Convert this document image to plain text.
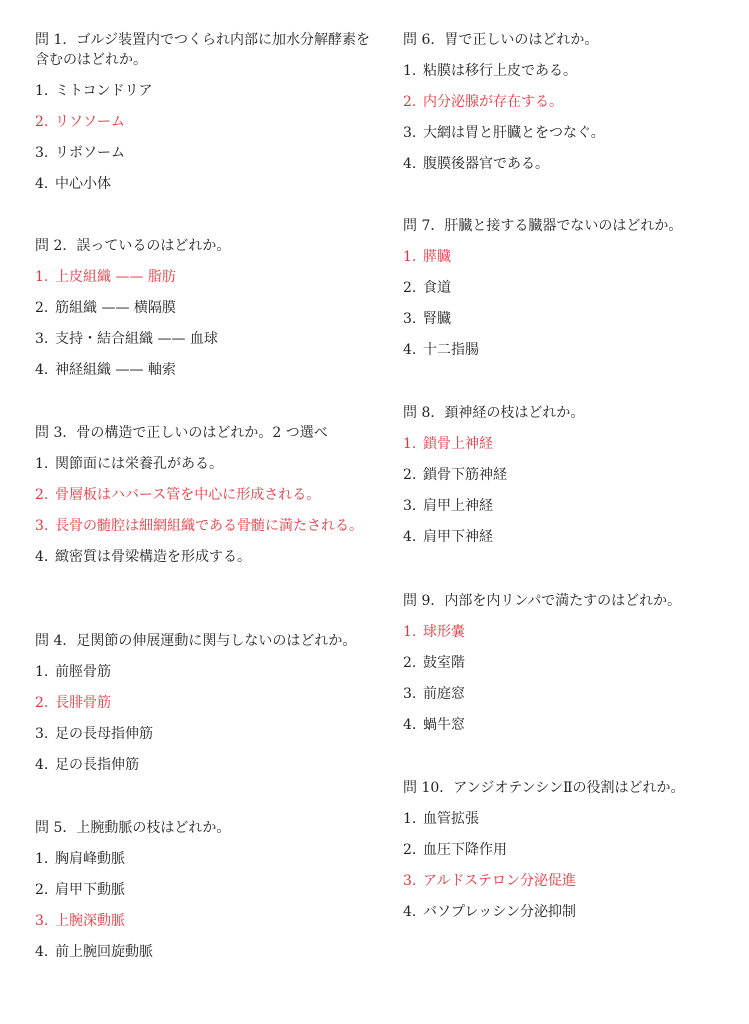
問 1．ゴルジ装置内でつくられ内部に加水分解酵素を含むのはどれか。

1. ミトコンドリア
2. リソソーム
3. リボソーム
4. 中心小体

問 2．誤っているのはどれか。

1. 上皮組織 —— 脂肪
2. 筋組織 —— 横隔膜
3. 支持・結合組織 —— 血球
4. 神経組織 —— 軸索

問 3．骨の構造で正しいのはどれか。2 つ選べ

1. 関節面には栄養孔がある。
2. 骨層板はハバース管を中心に形成される。
3. 長骨の髄腔は細網組織である骨髄に満たされる。
4. 緻密質は骨梁構造を形成する。

問 4．足関節の伸展運動に関与しないのはどれか。

1. 前脛骨筋
2. 長腓骨筋
3. 足の長母指伸筋
4. 足の長指伸筋

問 5．上腕動脈の枝はどれか。

1. 胸肩峰動脈
2. 肩甲下動脈
3. 上腕深動脈
4. 前上腕回旋動脈

問 6．胃で正しいのはどれか。

1. 粘膜は移行上皮である。
2. 内分泌腺が存在する。
3. 大網は胃と肝臓とをつなぐ。
4. 腹膜後器官である。

問 7．肝臓と接する臓器でないのはどれか。

1. 膵臓
2. 食道
3. 腎臓
4. 十二指腸

問 8．頚神経の枝はどれか。

1. 鎖骨上神経
2. 鎖骨下筋神経
3. 肩甲上神経
4. 肩甲下神経

問 9．内部を内リンパで満たすのはどれか。

1. 球形嚢
2. 鼓室階
3. 前庭窓
4. 蝸牛窓

問 10．アンジオテンシンⅡの役割はどれか。

1. 血管拡張
2. 血圧下降作用
3. アルドステロン分泌促進
4. バソプレッシン分泌抑制
